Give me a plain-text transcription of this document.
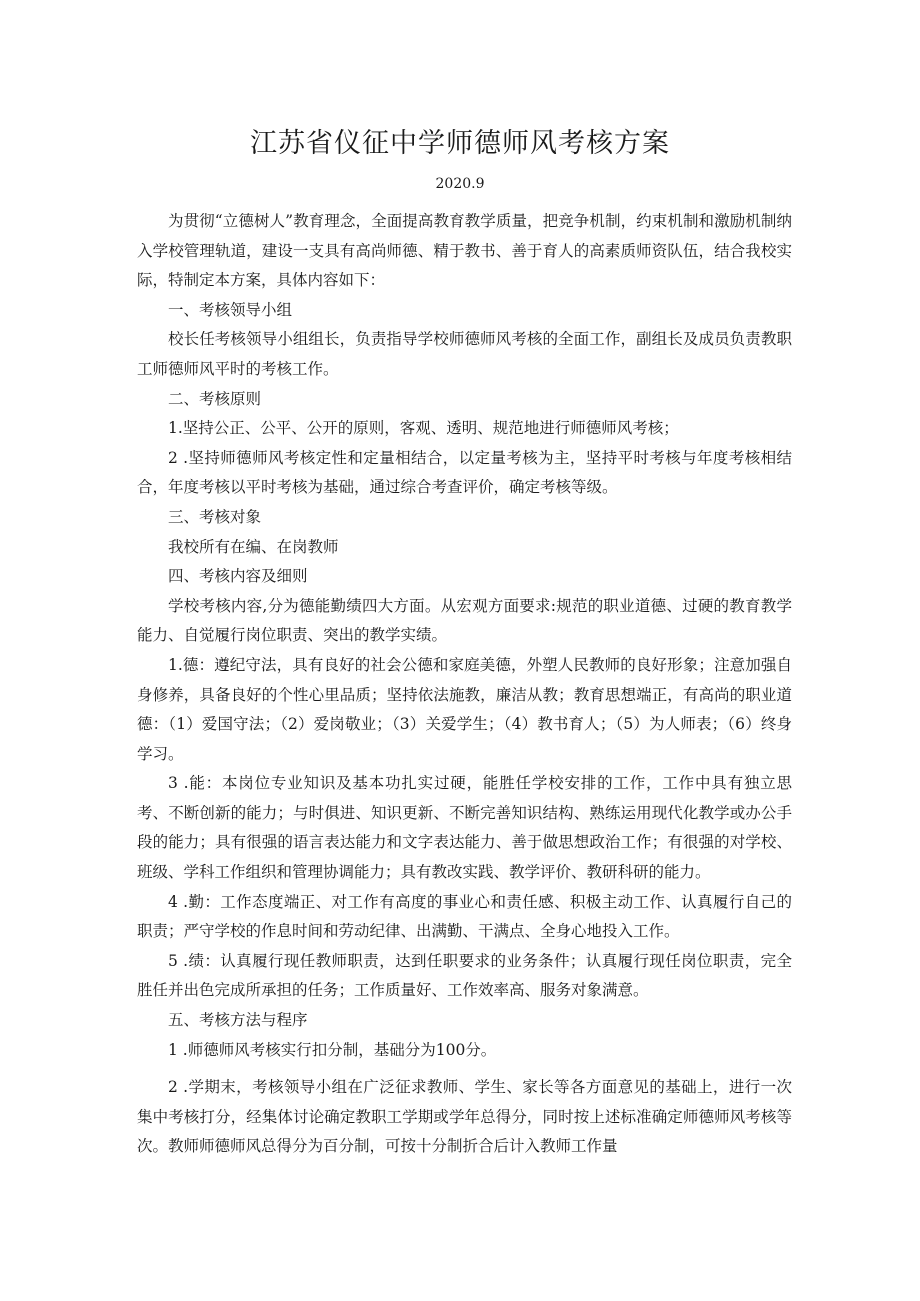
江苏省仪征中学师德师风考核方案
2020.9

为贯彻“立德树人”教育理念，全面提高教育教学质量，把竞争机制，约束机制和激励机制纳入学校管理轨道，建设一支具有高尚师德、精于教书、善于育人的高素质师资队伍，结合我校实际，特制定本方案，具体内容如下：

一、考核领导小组

校长任考核领导小组组长，负责指导学校师德师风考核的全面工作，副组长及成员负责教职工师德师风平时的考核工作。

二、考核原则

1.坚持公正、公平、公开的原则，客观、透明、规范地进行师德师风考核；

2 .坚持师德师风考核定性和定量相结合，以定量考核为主，坚持平时考核与年度考核相结合，年度考核以平时考核为基础，通过综合考查评价，确定考核等级。

三、考核对象

我校所有在编、在岗教师

四、考核内容及细则

学校考核内容,分为德能勤绩四大方面。从宏观方面要求:规范的职业道德、过硬的教育教学能力、自觉履行岗位职责、突出的教学实绩。

1.德：遵纪守法，具有良好的社会公德和家庭美德，外塑人民教师的良好形象；注意加强自身修养，具备良好的个性心里品质；坚持依法施教，廉洁从教；教育思想端正，有高尚的职业道德：（1）爱国守法；（2）爱岗敬业；（3）关爱学生；（4）教书育人；（5）为人师表；（6）终身学习。

3 .能：本岗位专业知识及基本功扎实过硬，能胜任学校安排的工作，工作中具有独立思考、不断创新的能力；与时俱进、知识更新、不断完善知识结构、熟练运用现代化教学或办公手段的能力；具有很强的语言表达能力和文字表达能力、善于做思想政治工作；有很强的对学校、班级、学科工作组织和管理协调能力；具有教改实践、教学评价、教研科研的能力。

4 .勤：工作态度端正、对工作有高度的事业心和责任感、积极主动工作、认真履行自己的职责；严守学校的作息时间和劳动纪律、出满勤、干满点、全身心地投入工作。

5 .绩：认真履行现任教师职责，达到任职要求的业务条件；认真履行现任岗位职责，完全胜任并出色完成所承担的任务；工作质量好、工作效率高、服务对象满意。

五、考核方法与程序

1 .师德师风考核实行扣分制，基础分为100分。

2 .学期末，考核领导小组在广泛征求教师、学生、家长等各方面意见的基础上，进行一次集中考核打分，经集体讨论确定教职工学期或学年总得分，同时按上述标准确定师德师风考核等次。教师师德师风总得分为百分制，可按十分制折合后计入教师工作量
